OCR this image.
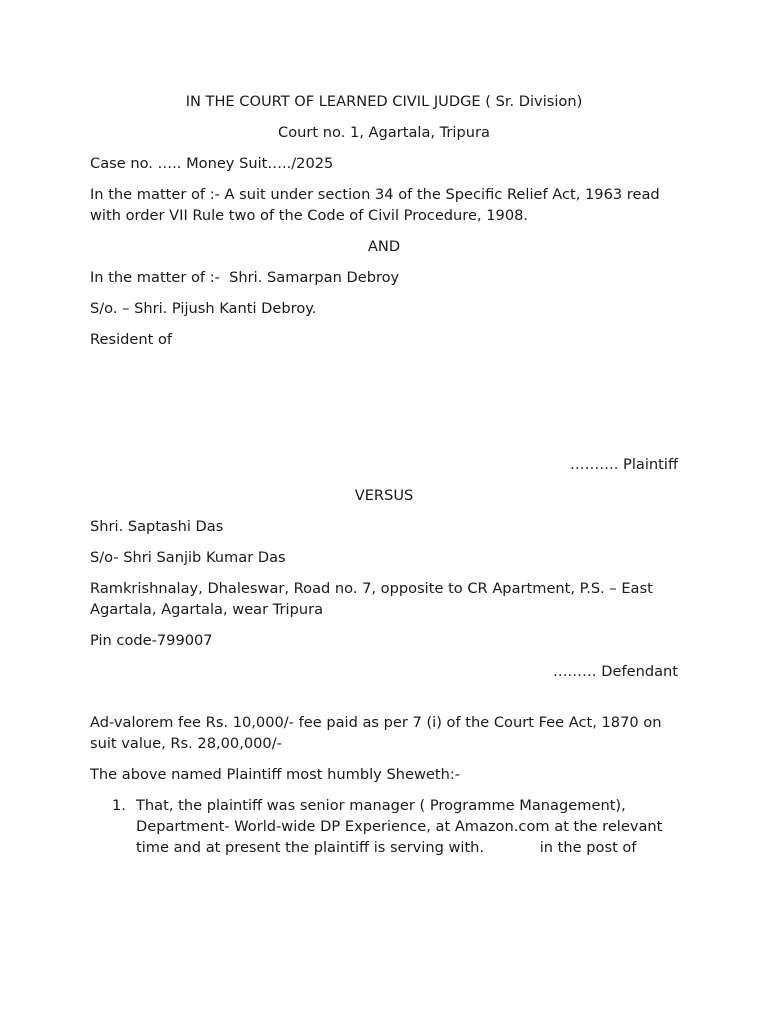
IN THE COURT OF LEARNED CIVIL JUDGE ( Sr. Division)
Court no. 1, Agartala, Tripura
Case no. ….. Money Suit…../2025
In the matter of :- A suit under section 34 of the Specific Relief Act, 1963 read with order VII Rule two of the Code of Civil Procedure, 1908.
AND
In the matter of :-  Shri. Samarpan Debroy
S/o. – Shri. Pijush Kanti Debroy.
Resident of
………. Plaintiff
VERSUS
Shri. Saptashi Das
S/o- Shri Sanjib Kumar Das
Ramkrishnalay, Dhaleswar, Road no. 7, opposite to CR Apartment, P.S. – East Agartala, Agartala, wear Tripura
Pin code-799007
……… Defendant
Ad-valorem fee Rs. 10,000/- fee paid as per 7 (i) of the Court Fee Act, 1870 on suit value, Rs. 28,00,000/-
The above named Plaintiff most humbly Sheweth:-
1. That, the plaintiff was senior manager ( Programme Management), Department- World-wide DP Experience, at Amazon.com at the relevant time and at present the plaintiff is serving with.            in the post of
